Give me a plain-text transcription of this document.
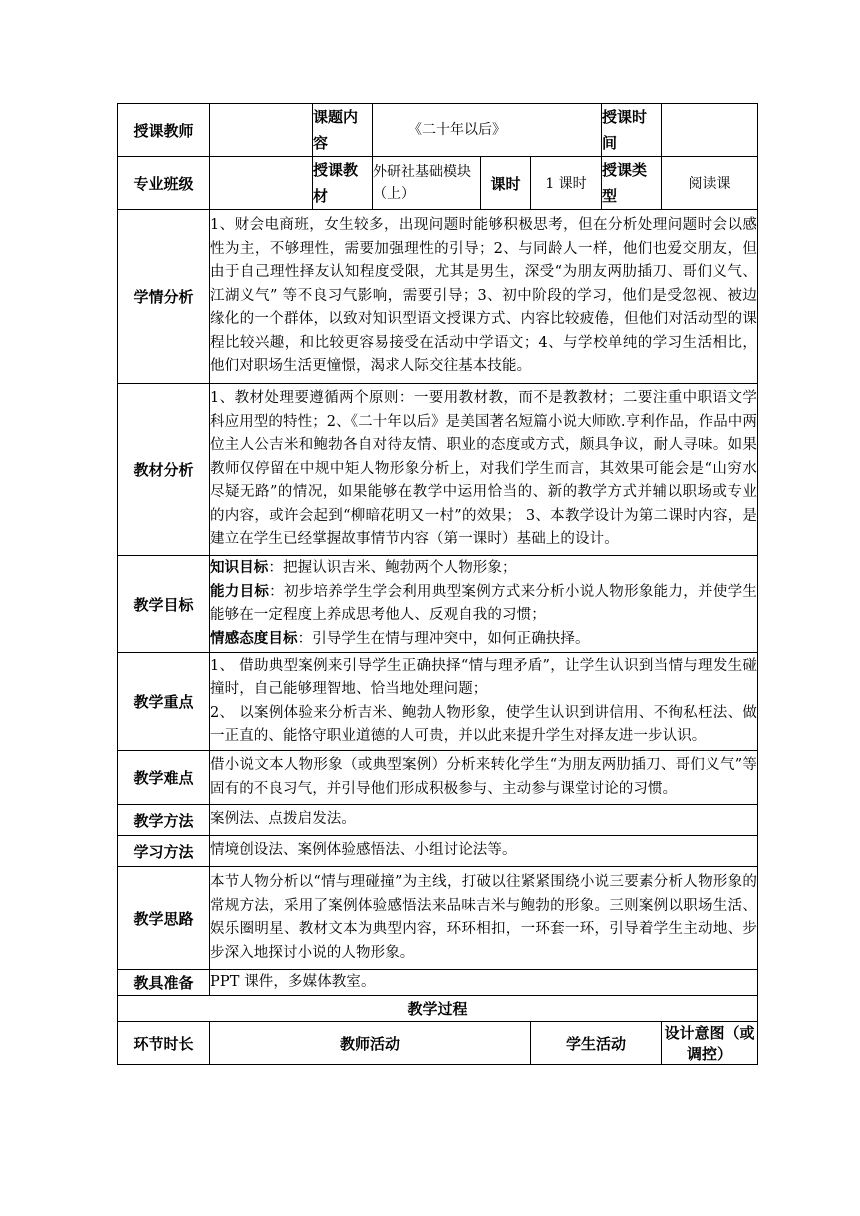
授课教师		课题内容	《二十年以后》			授课时间	
专业班级		授课教材	外研社基础模块（上）	课时	1 课时	授课类型	阅读课
学情分析	1、财会电商班，女生较多，出现问题时能够积极思考，但在分析处理问题时会以感性为主，不够理性，需要加强理性的引导；2、与同龄人一样，他们也爱交朋友，但由于自己理性择友认知程度受限，尤其是男生，深受“为朋友两肋插刀、哥们义气、江湖义气” 等不良习气影响，需要引导；3、初中阶段的学习，他们是受忽视、被边缘化的一个群体，以致对知识型语文授课方式、内容比较疲倦，但他们对活动型的课程比较兴趣，和比较更容易接受在活动中学语文；4、与学校单纯的学习生活相比，他们对职场生活更憧憬，渴求人际交往基本技能。						
教材分析	1、教材处理要遵循两个原则：一要用教材教，而不是教教材；二要注重中职语文学科应用型的特性；2、《二十年以后》是美国著名短篇小说大师欧.亨利作品，作品中两位主人公吉米和鲍勃各自对待友情、职业的态度或方式，颇具争议，耐人寻味。如果教师仅停留在中规中矩人物形象分析上，对我们学生而言，其效果可能会是“山穷水尽疑无路”的情况，如果能够在教学中运用恰当的、新的教学方式并辅以职场或专业的内容，或许会起到“柳暗花明又一村”的效果； 3、本教学设计为第二课时内容，是建立在学生已经掌握故事情节内容（第一课时）基础上的设计。						
教学目标	知识目标：把握认识吉米、鲍勃两个人物形象；
能力目标：初步培养学生学会利用典型案例方式来分析小说人物形象能力，并使学生能够在一定程度上养成思考他人、反观自我的习惯；
情感态度目标：引导学生在情与理冲突中，如何正确抉择。						

教学重点	1、 借助典型案例来引导学生正确抉择“情与理矛盾”，让学生认识到当情与理发生碰撞时，自己能够理智地、恰当地处理问题；
2、 以案例体验来分析吉米、鲍勃人物形象，使学生认识到讲信用、不徇私枉法、做一正直的、能恪守职业道德的人可贵，并以此来提升学生对择友进一步认识。						

教学难点	借小说文本人物形象（或典型案例）分析来转化学生“为朋友两肋插刀、哥们义气”等固有的不良习气，并引导他们形成积极参与、主动参与课堂讨论的习惯。						
教学方法	案例法、点拨启发法。						
学习方法	情境创设法、案例体验感悟法、小组讨论法等。						
教学思路	本节人物分析以“情与理碰撞”为主线，打破以往紧紧围绕小说三要素分析人物形象的常规方法，采用了案例体验感悟法来品味吉米与鲍勃的形象。三则案例以职场生活、娱乐圈明星、教材文本为典型内容，环环相扣，一环套一环，引导着学生主动地、步步深入地探讨小说的人物形象。						
教具准备	PPT 课件，多媒体教室。						
教学过程							
环节时长	教师活动				学生活动		设计意图（或调控）
